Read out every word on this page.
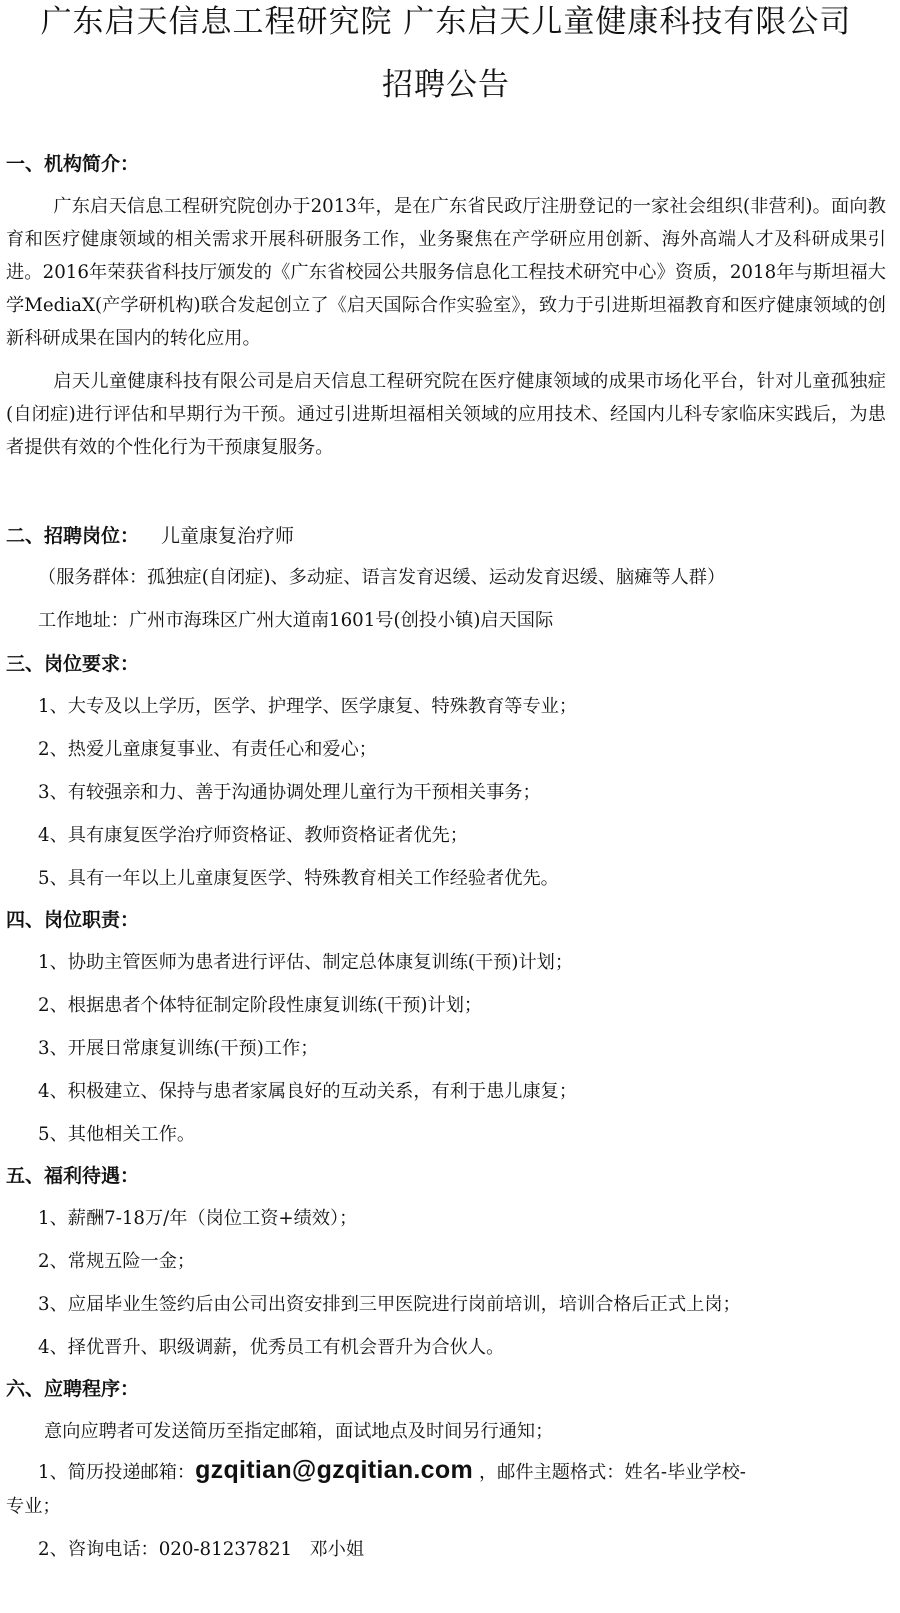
广东启天信息工程研究院 广东启天儿童健康科技有限公司
招聘公告

一、机构简介：

广东启天信息工程研究院创办于2013年，是在广东省民政厅注册登记的一家社会组织(非营利)。面向教育和医疗健康领域的相关需求开展科研服务工作，业务聚焦在产学研应用创新、海外高端人才及科研成果引进。2016年荣获省科技厅颁发的《广东省校园公共服务信息化工程技术研究中心》资质，2018年与斯坦福大学MediaX(产学研机构)联合发起创立了《启天国际合作实验室》，致力于引进斯坦福教育和医疗健康领域的创新科研成果在国内的转化应用。

启天儿童健康科技有限公司是启天信息工程研究院在医疗健康领域的成果市场化平台，针对儿童孤独症(自闭症)进行评估和早期行为干预。通过引进斯坦福相关领域的应用技术、经国内儿科专家临床实践后，为患者提供有效的个性化行为干预康复服务。

二、招聘岗位： 儿童康复治疗师

（服务群体：孤独症(自闭症)、多动症、语言发育迟缓、运动发育迟缓、脑瘫等人群）

工作地址：广州市海珠区广州大道南1601号(创投小镇)启天国际

三、岗位要求：

1、大专及以上学历，医学、护理学、医学康复、特殊教育等专业；

2、热爱儿童康复事业、有责任心和爱心；

3、有较强亲和力、善于沟通协调处理儿童行为干预相关事务；

4、具有康复医学治疗师资格证、教师资格证者优先；

5、具有一年以上儿童康复医学、特殊教育相关工作经验者优先。

四、岗位职责：

1、协助主管医师为患者进行评估、制定总体康复训练(干预)计划；

2、根据患者个体特征制定阶段性康复训练(干预)计划；

3、开展日常康复训练(干预)工作；

4、积极建立、保持与患者家属良好的互动关系，有利于患儿康复；

5、其他相关工作。

五、福利待遇：

1、薪酬7-18万/年（岗位工资+绩效）；

2、常规五险一金；

3、应届毕业生签约后由公司出资安排到三甲医院进行岗前培训，培训合格后正式上岗；

4、择优晋升、职级调薪，优秀员工有机会晋升为合伙人。

六、应聘程序：

意向应聘者可发送简历至指定邮箱，面试地点及时间另行通知；

1、简历投递邮箱：gzqitian@gzqitian.com ，邮件主题格式：姓名-毕业学校-

专业；

2、咨询电话：020-81237821   邓小姐
